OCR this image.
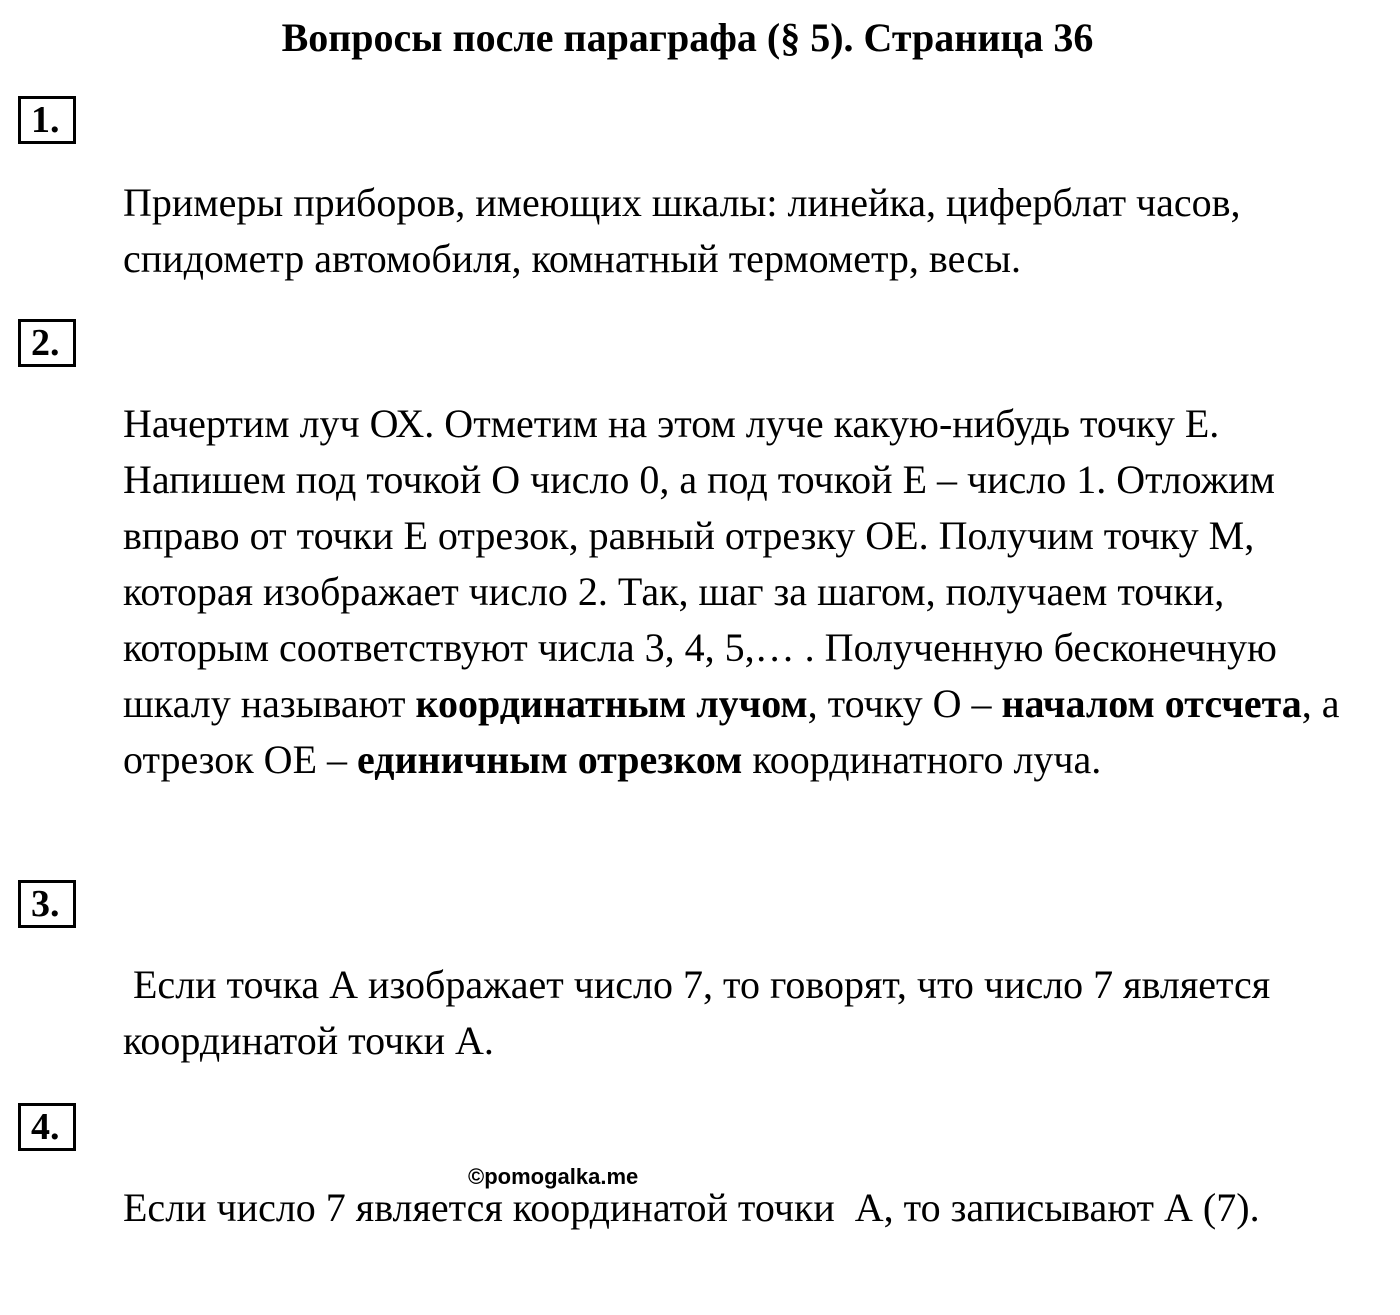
Вопросы после параграфа (§ 5). Страница 36
1.
Примеры приборов, имеющих шкалы: линейка, циферблат часов, спидометр автомобиля, комнатный термометр, весы.
2.
Начертим луч ОХ. Отметим на этом луче какую-нибудь точку Е. Напишем под точкой О число 0, а под точкой Е – число 1. Отложим вправо от точки Е отрезок, равный отрезку ОЕ. Получим точку М, которая изображает число 2. Так, шаг за шагом, получаем точки, которым соответствуют числа 3, 4, 5,… . Полученную бесконечную шкалу называют координатным лучом, точку О – началом отсчета, а отрезок ОЕ – единичным отрезком координатного луча.
3.
Если точка А изображает число 7, то говорят, что число 7 является координатой точки А.
4.
Если число 7 является координатой точки  А, то записывают А (7).
©pomogalka.me
